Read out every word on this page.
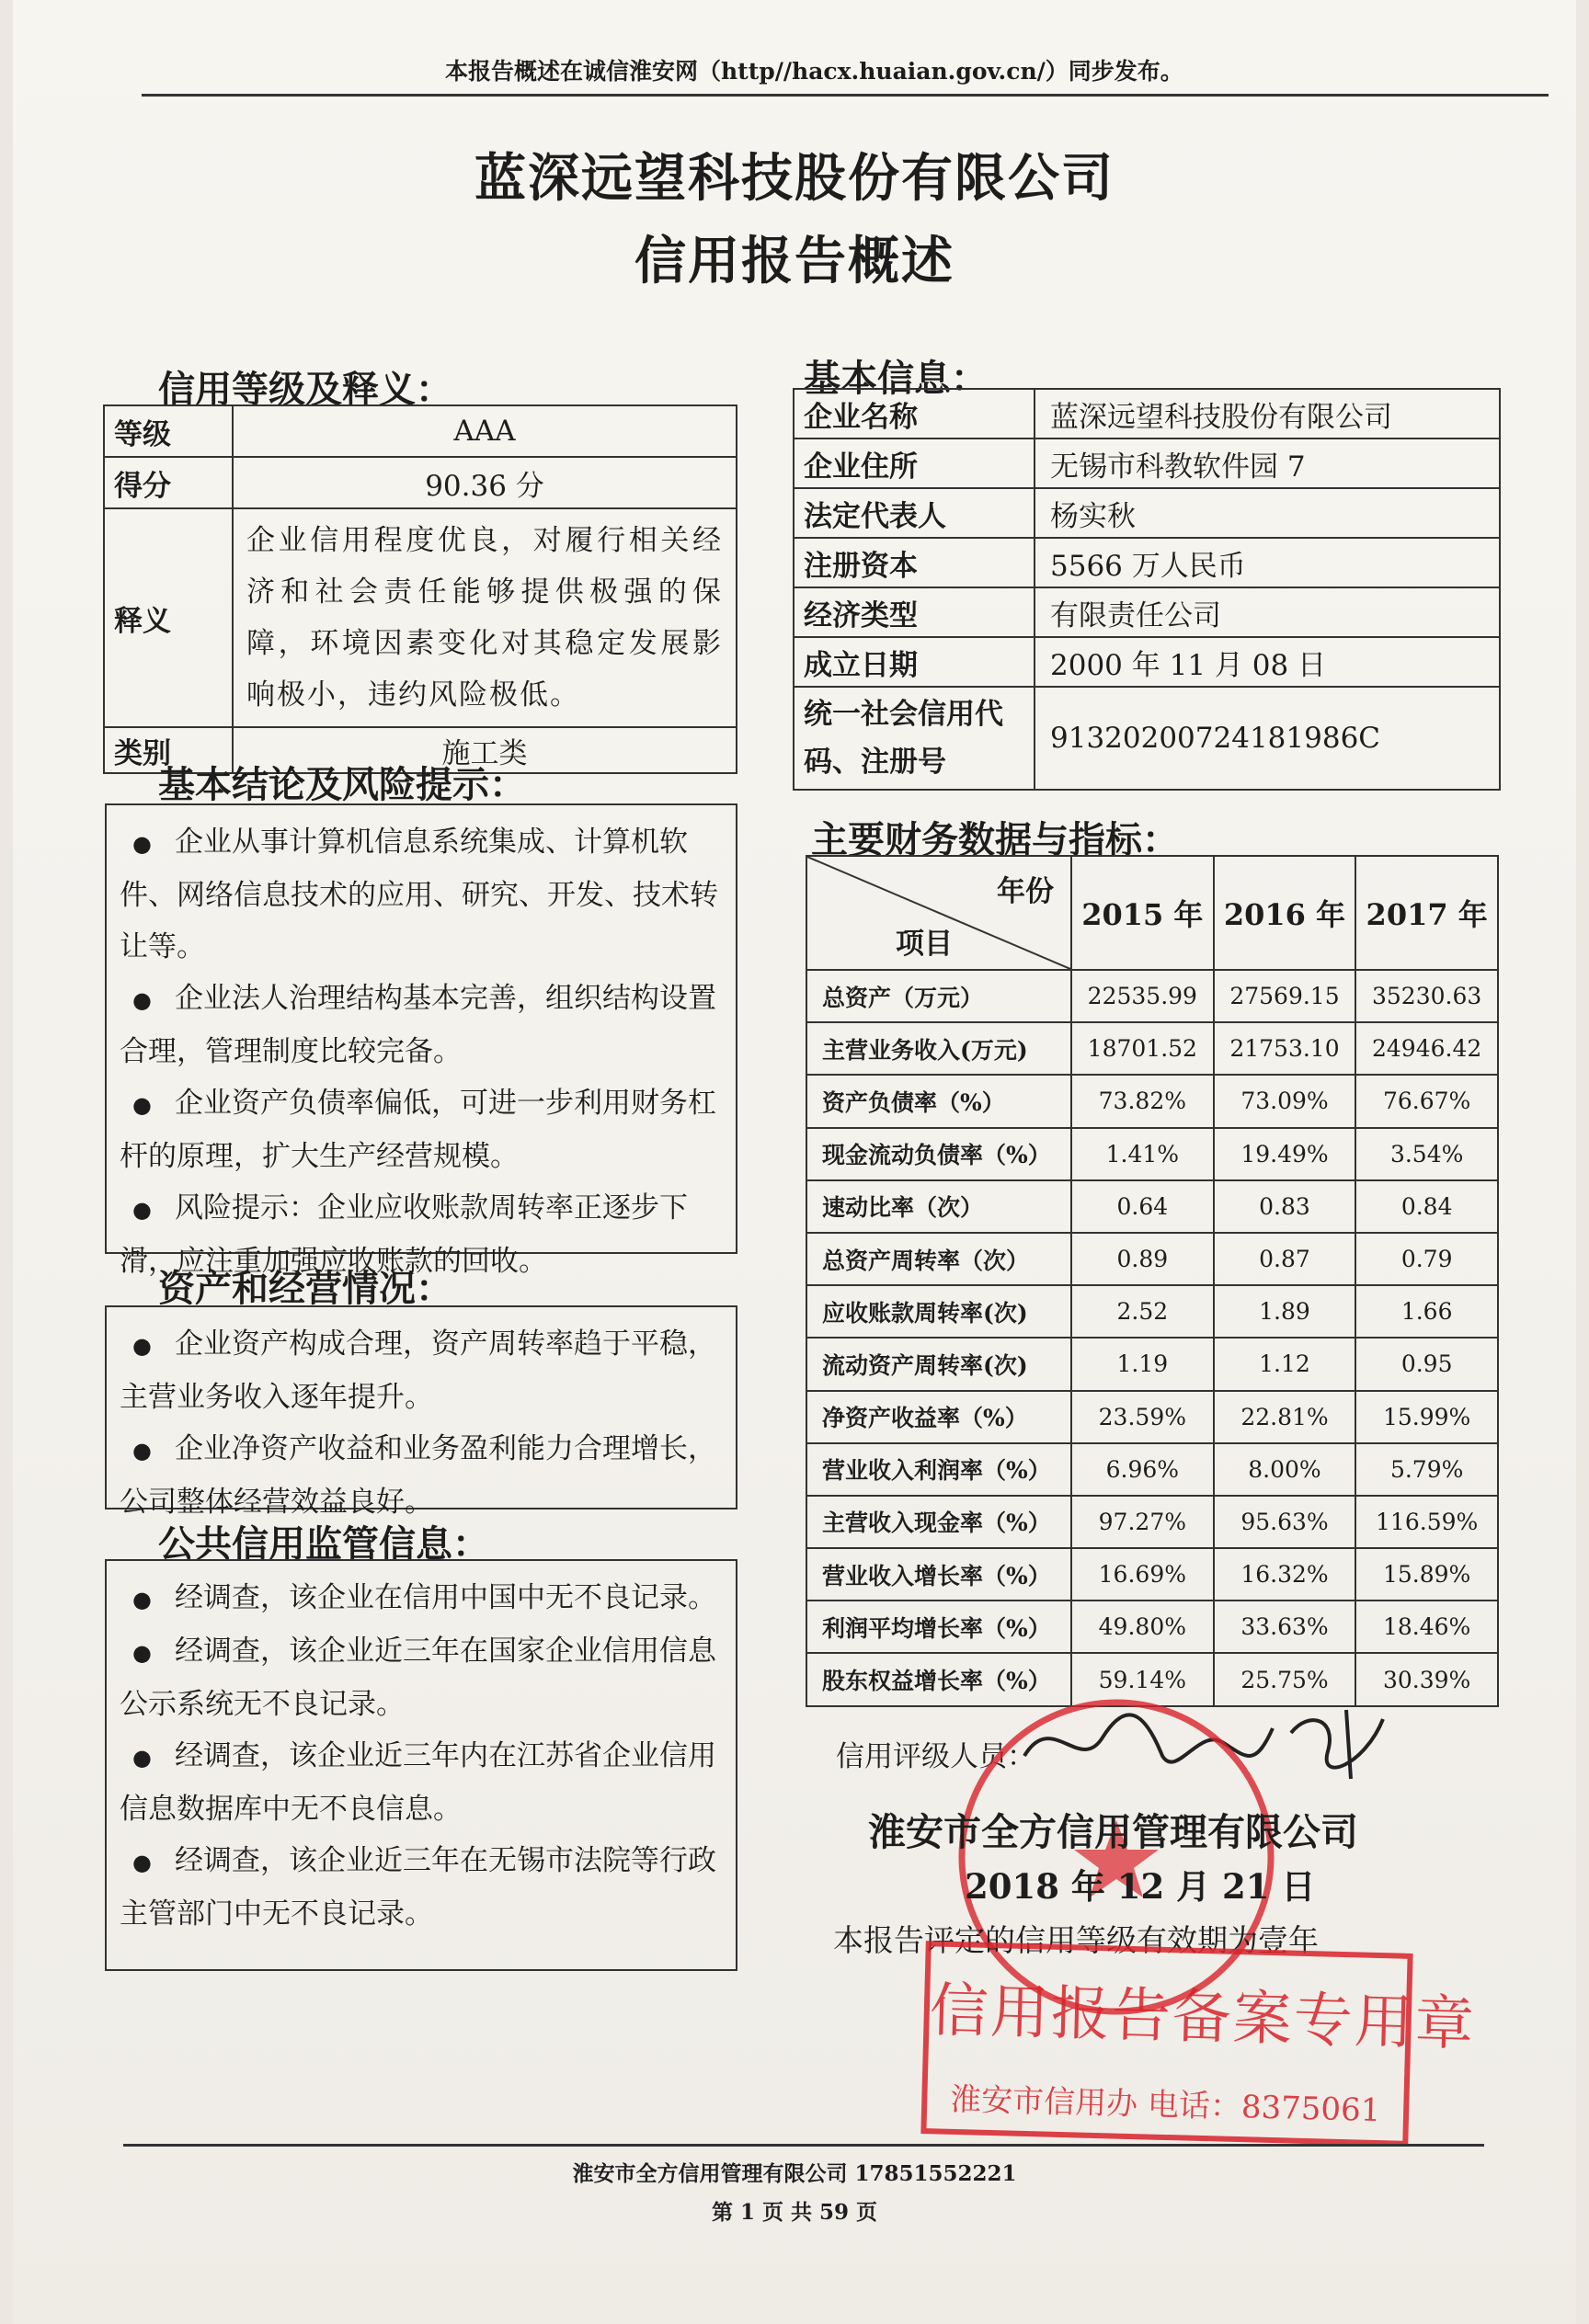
本报告概述在诚信淮安网（http//hacx.huaian.gov.cn/）同步发布。
蓝深远望科技股份有限公司
信用报告概述
信用等级及释义：
等级	AAA
得分	90.36 分
释义	企业信用程度优良，对履行相关经济和社会责任能够提供极强的保障，环境因素变化对其稳定发展影响极小，违约风险极低。
类别	施工类
基本结论及风险提示：
● 企业从事计算机信息系统集成、计算机软件、网络信息技术的应用、研究、开发、技术转让等。
● 企业法人治理结构基本完善，组织结构设置合理，管理制度比较完备。
● 企业资产负债率偏低，可进一步利用财务杠杆的原理，扩大生产经营规模。
● 风险提示：企业应收账款周转率正逐步下滑，应注重加强应收账款的回收。
资产和经营情况：
● 企业资产构成合理，资产周转率趋于平稳，主营业务收入逐年提升。
● 企业净资产收益和业务盈利能力合理增长，公司整体经营效益良好。
公共信用监管信息：
● 经调查，该企业在信用中国中无不良记录。
● 经调查，该企业近三年在国家企业信用信息公示系统无不良记录。
● 经调查，该企业近三年内在江苏省企业信用信息数据库中无不良信息。
● 经调查，该企业近三年在无锡市法院等行政主管部门中无不良记录。
基本信息：
企业名称	蓝深远望科技股份有限公司
企业住所	无锡市科教软件园 7
法定代表人	杨实秋
注册资本	5566 万人民币
经济类型	有限责任公司
成立日期	2000 年 11 月 08 日
统一社会信用代码、注册号	91320200724181986C
主要财务数据与指标：
年份
项目	2015 年	2016 年	2017 年
总资产（万元）	22535.99	27569.15	35230.63
主营业务收入(万元)	18701.52	21753.10	24946.42
资产负债率（%）	73.82%	73.09%	76.67%
现金流动负债率（%）	1.41%	19.49%	3.54%
速动比率（次）	0.64	0.83	0.84
总资产周转率（次）	0.89	0.87	0.79
应收账款周转率(次)	2.52	1.89	1.66
流动资产周转率(次)	1.19	1.12	0.95
净资产收益率（%）	23.59%	22.81%	15.99%
营业收入利润率（%）	6.96%	8.00%	5.79%
主营收入现金率（%）	97.27%	95.63%	116.59%
营业收入增长率（%）	16.69%	16.32%	15.89%
利润平均增长率（%）	49.80%	33.63%	18.46%
股东权益增长率（%）	59.14%	25.75%	30.39%
信用评级人员：
淮安市全方信用管理有限公司
2018 年 12 月 21 日
本报告评定的信用等级有效期为壹年
信用报告备案专用章
淮安市信用办 电话：8375061
淮安市全方信用管理有限公司 17851552221
第 1 页 共 59 页
